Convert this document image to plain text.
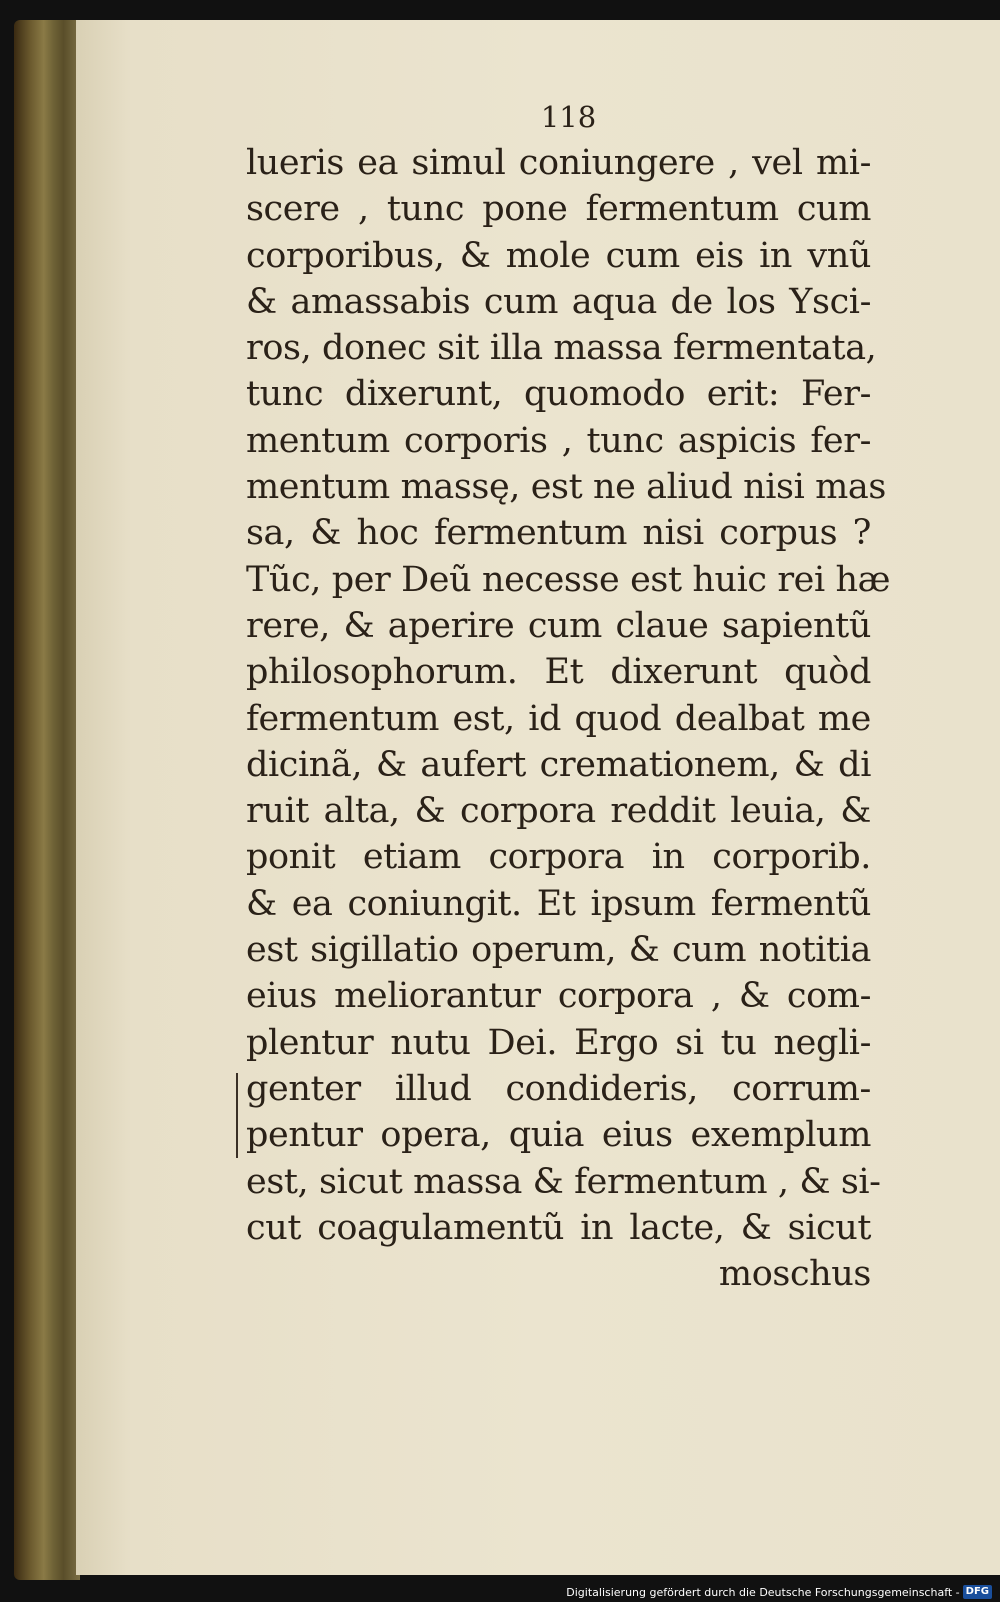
118
lueris ea simul coniungere , vel mi-
scere , tunc pone fermentum cum
corporibus, & mole cum eis in vnũ
& amassabis cum aqua de los Ysci-
ros, donec sit illa massa fermentata,
tunc dixerunt, quomodo erit: Fer-
mentum corporis , tunc aspicis fer-
mentum massę, est ne aliud nisi mas
sa, & hoc fermentum nisi corpus ?
Tũc, per Deũ necesse est huic rei hæ
rere, & aperire cum claue sapientũ
philosophorum. Et dixerunt quòd
fermentum est, id quod dealbat me
dicinã, & aufert cremationem, & di
ruit alta, & corpora reddit leuia, &
ponit etiam corpora in corporib.
& ea coniungit. Et ipsum fermentũ
est sigillatio operum, & cum notitia
eius meliorantur corpora , & com-
plentur nutu Dei. Ergo si tu negli-
genter illud condideris, corrum-
pentur opera, quia eius exemplum
est, sicut massa & fermentum , & si-
cut coagulamentũ in lacte, & sicut
moschus
Digitalisierung gefördert durch die Deutsche Forschungsgemeinschaft - DFG
